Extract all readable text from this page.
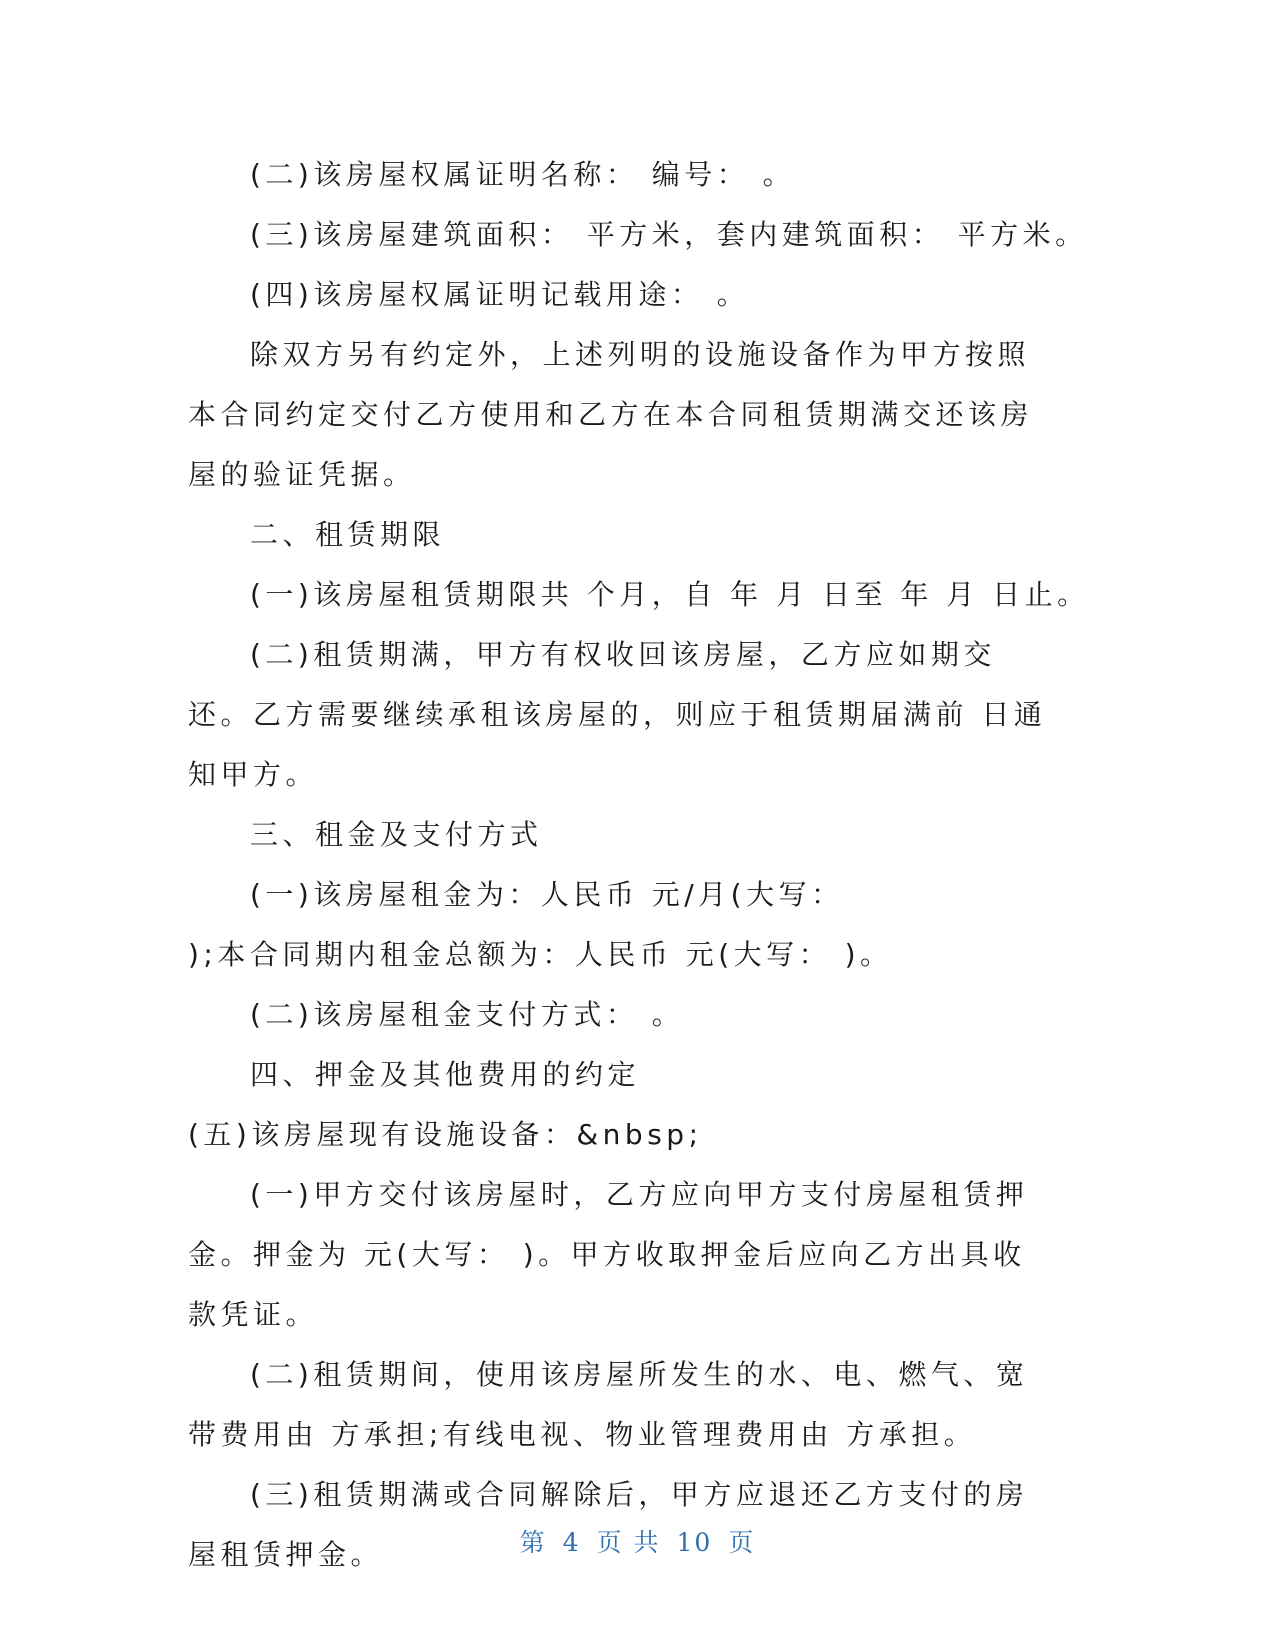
(二)该房屋权属证明名称： 编号： 。

(三)该房屋建筑面积： 平方米，套内建筑面积： 平方米。

(四)该房屋权属证明记载用途： 。

除双方另有约定外，上述列明的设施设备作为甲方按照本合同约定交付乙方使用和乙方在本合同租赁期满交还该房屋的验证凭据。

二、租赁期限

(一)该房屋租赁期限共 个月，自 年 月 日至 年 月 日止。

(二)租赁期满，甲方有权收回该房屋，乙方应如期交还。乙方需要继续承租该房屋的，则应于租赁期届满前 日通知甲方。

三、租金及支付方式

(一)该房屋租金为：人民币 元/月(大写：

);本合同期内租金总额为：人民币 元(大写： )。

(二)该房屋租金支付方式： 。

四、押金及其他费用的约定

(五)该房屋现有设施设备：&nbsp;

(一)甲方交付该房屋时，乙方应向甲方支付房屋租赁押金。押金为 元(大写： )。甲方收取押金后应向乙方出具收款凭证。

(二)租赁期间，使用该房屋所发生的水、电、燃气、宽带费用由 方承担;有线电视、物业管理费用由 方承担。

(三)租赁期满或合同解除后，甲方应退还乙方支付的房屋租赁押金。	第 4 页 共 10 页
